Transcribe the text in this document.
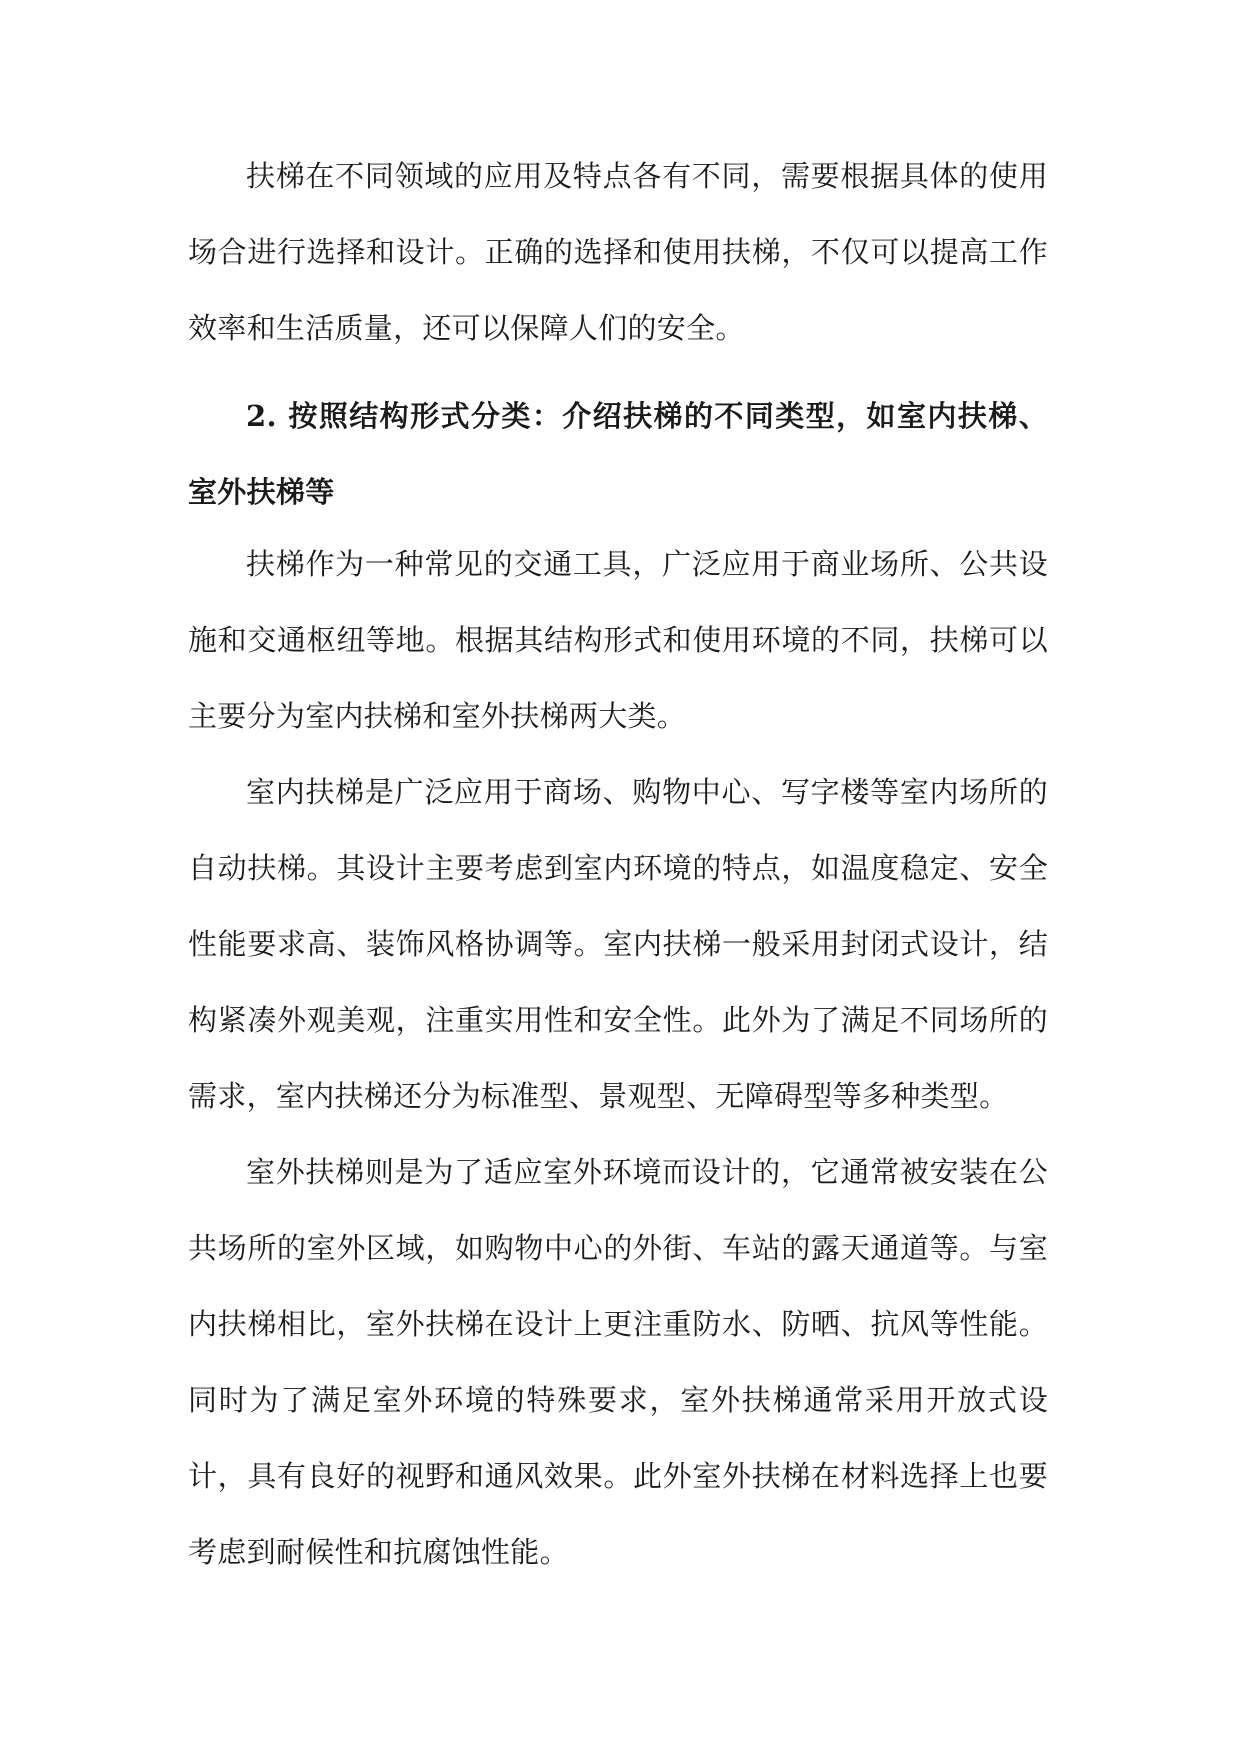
扶梯在不同领域的应用及特点各有不同，需要根据具体的使用场合进行选择和设计。正确的选择和使用扶梯，不仅可以提高工作效率和生活质量，还可以保障人们的安全。

2. 按照结构形式分类：介绍扶梯的不同类型，如室内扶梯、室外扶梯等

扶梯作为一种常见的交通工具，广泛应用于商业场所、公共设施和交通枢纽等地。根据其结构形式和使用环境的不同，扶梯可以主要分为室内扶梯和室外扶梯两大类。

室内扶梯是广泛应用于商场、购物中心、写字楼等室内场所的自动扶梯。其设计主要考虑到室内环境的特点，如温度稳定、安全性能要求高、装饰风格协调等。室内扶梯一般采用封闭式设计，结构紧凑外观美观，注重实用性和安全性。此外为了满足不同场所的需求，室内扶梯还分为标准型、景观型、无障碍型等多种类型。

室外扶梯则是为了适应室外环境而设计的，它通常被安装在公共场所的室外区域，如购物中心的外街、车站的露天通道等。与室内扶梯相比，室外扶梯在设计上更注重防水、防晒、抗风等性能。同时为了满足室外环境的特殊要求，室外扶梯通常采用开放式设计，具有良好的视野和通风效果。此外室外扶梯在材料选择上也要考虑到耐候性和抗腐蚀性能。
